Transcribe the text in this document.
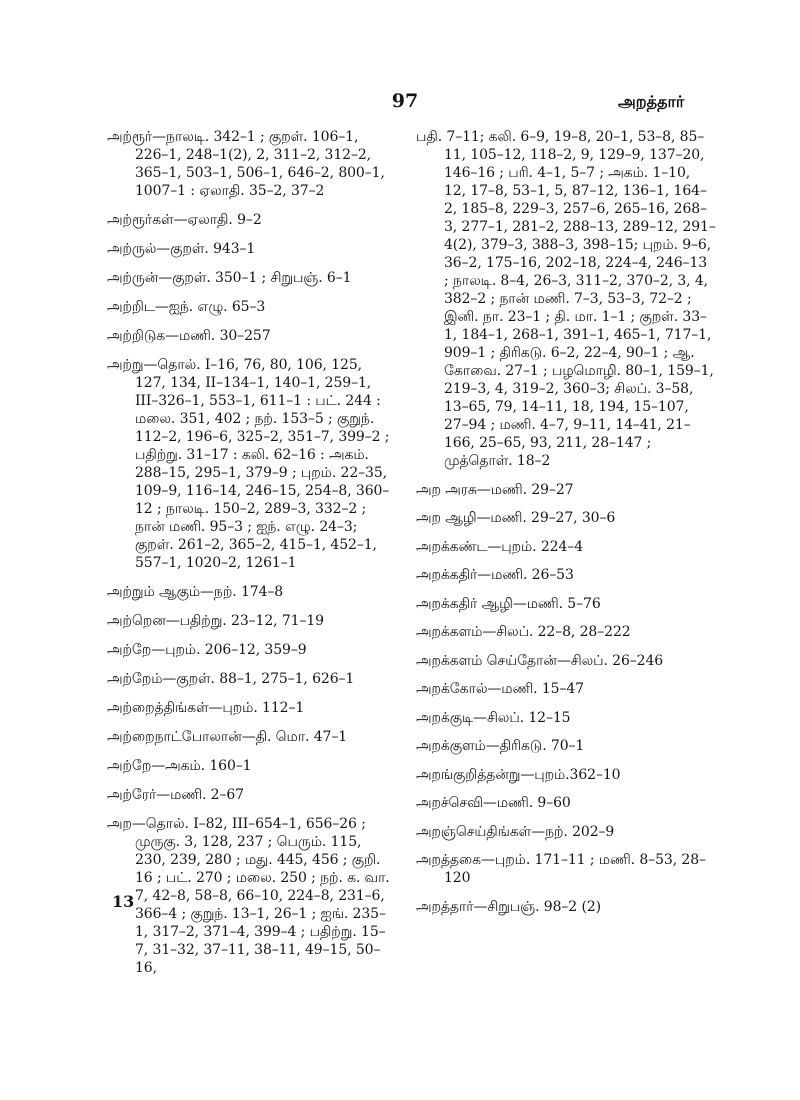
97	அறத்தார்
அற்ரூர்—நாலடி. 342–1 ; குறள். 106–1, 226–1, 248–1(2), 2, 311–2, 312–2, 365–1, 503–1, 506–1, 646–2, 800–1, 1007–1 : ஏலாதி. 35–2, 37–2
அற்ரூர்கள்—ஏலாதி. 9–2
அற்ருல்—குறள். 943–1
அற்ருன்—குறள். 350–1 ; சிறுபஞ். 6–1
அற்றிட—ஐந். எழு. 65–3
அற்றிடுக—மணி. 30–257
அற்று—தொல். I–16, 76, 80, 106, 125, 127, 134, II–134–1, 140–1, 259–1, III–326–1, 553–1, 611–1 : பட். 244 : மலை. 351, 402 ; நற். 153–5 ; குறுந். 112–2, 196–6, 325–2, 351–7, 399–2 ; பதிற்று. 31–17 : கலி. 62–16 : அகம். 288–15, 295–1, 379–9 ; புறம். 22–35, 109–9, 116–14, 246–15, 254–8, 360–12 ; நாலடி. 150–2, 289–3, 332–2 ; நான் மணி. 95–3 ; ஐந். எழு. 24–3; குறள். 261–2, 365–2, 415–1, 452–1, 557–1, 1020–2, 1261–1
அற்றும் ஆகும்—நற். 174–8
அற்றென—பதிற்று. 23–12, 71–19
அற்றே—புறம். 206–12, 359–9
அற்றேம்—குறள். 88–1, 275–1, 626–1
அற்றைத்திங்கள்—புறம். 112–1
அற்றைநாட்போலான்—தி. மொ. 47–1
அற்றே—அகம். 160–1
அற்ரேர்—மணி. 2–67
அற—தொல். I–82, III–654–1, 656–26 ; முருகு. 3, 128, 237 ; பெரும். 115, 230, 239, 280 ; மது. 445, 456 ; குறி. 16 ; பட். 270 ; மலை. 250 ; நற். க. வா. 7, 42–8, 58–8, 66–10, 224–8, 231–6, 366–4 ; குறுந். 13–1, 26–1 ; ஐங். 235–1, 317–2, 371–4, 399–4 ; பதிற்று. 15–7, 31–32, 37–11, 38–11, 49–15, 50–16,
பதி. 7–11; கலி. 6–9, 19–8, 20–1, 53–8, 85–11, 105–12, 118–2, 9, 129–9, 137–20, 146–16 ; பரி. 4–1, 5–7 ; அகம். 1–10, 12, 17–8, 53–1, 5, 87–12, 136–1, 164–2, 185–8, 229–3, 257–6, 265–16, 268–3, 277–1, 281–2, 288–13, 289–12, 291–4(2), 379–3, 388–3, 398–15; புறம். 9–6, 36–2, 175–16, 202–18, 224–4, 246–13 ; நாலடி. 8–4, 26–3, 311–2, 370–2, 3, 4, 382–2 ; நான் மணி. 7–3, 53–3, 72–2 ; இனி. நா. 23–1 ; தி. மா. 1–1 ; குறள். 33–1, 184–1, 268–1, 391–1, 465–1, 717–1, 909–1 ; திரிகடு. 6–2, 22–4, 90–1 ; ஆ. கோவை. 27–1 ; பழமொழி. 80–1, 159–1, 219–3, 4, 319–2, 360–3; சிலப். 3–58, 13–65, 79, 14–11, 18, 194, 15–107, 27–94 ; மணி. 4–7, 9–11, 14–41, 21–166, 25–65, 93, 211, 28–147 ; முத்தொள். 18–2
அற அரசு—மணி. 29–27
அற ஆழி—மணி. 29–27, 30–6
அறக்கண்ட—புறம். 224–4
அறக்கதிர்—மணி. 26–53
அறக்கதிர் ஆழி—மணி. 5–76
அறக்களம்—சிலப். 22–8, 28–222
அறக்களம் செய்தோன்—சிலப். 26–246
அறக்கோல்—மணி. 15–47
அறக்குடி—சிலப். 12–15
அறக்குளம்—திரிகடு. 70–1
அறங்குறித்தன்று—புறம்.362–10
அறச்செவி—மணி. 9–60
அறஞ்செய்திங்கள்—நற். 202–9
அறத்தகை—புறம். 171–11 ; மணி. 8–53, 28–120
அறத்தார்—சிறுபஞ். 98–2 (2)
13
